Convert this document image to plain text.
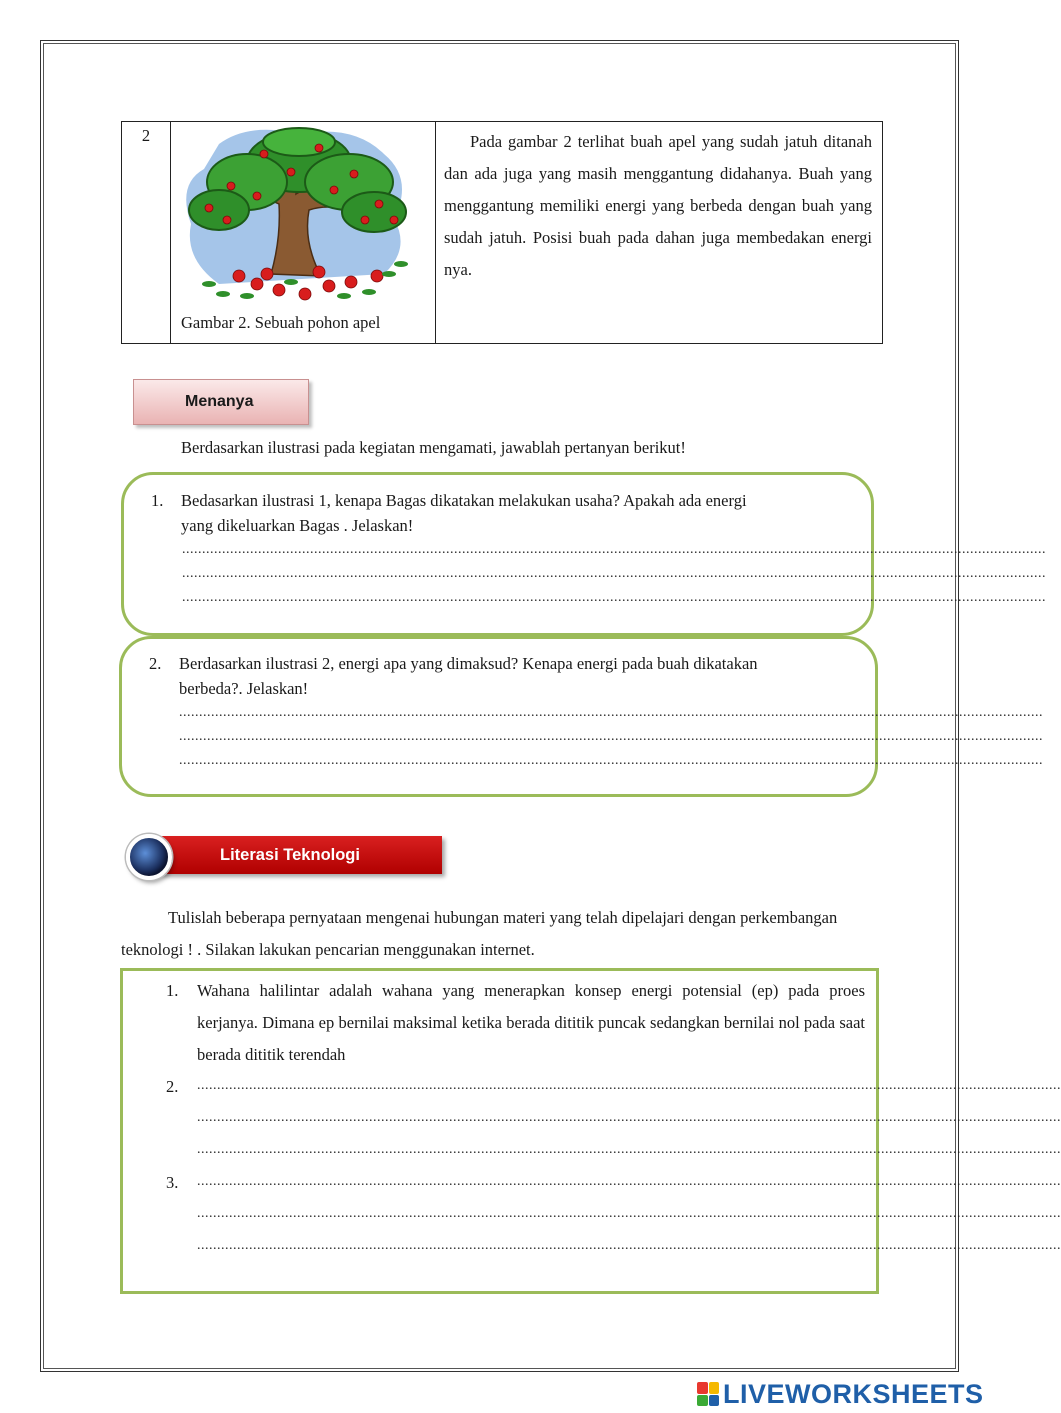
2	
Gambar 2. Sebuah pohon apel

Pada gambar 2 terlihat buah apel yang sudah jatuh ditanah dan ada juga yang masih menggantung didahanya. Buah yang menggantung memiliki energi yang berbeda dengan buah yang sudah jatuh. Posisi buah pada dahan juga membedakan energi nya.

Menanya
Berdasarkan ilustrasi pada kegiatan mengamati, jawablah pertanyan berikut!
1. Bedasarkan ilustrasi 1, kenapa Bagas dikatakan melakukan usaha? Apakah ada energi
yang dikeluarkan Bagas . Jelaskan!
........................................................................................................................................................................................................................
........................................................................................................................................................................................................................
........................................................................................................................................................................................................................
2. Berdasarkan ilustrasi 2, energi apa yang dimaksud? Kenapa energi pada buah dikatakan
berbeda?. Jelaskan!
........................................................................................................................................................................................................................
........................................................................................................................................................................................................................
........................................................................................................................................................................................................................
Literasi Teknologi

Tulislah beberapa pernyataan mengenai hubungan materi yang telah dipelajari dengan perkembangan teknologi ! . Silakan lakukan pencarian menggunakan internet.

1. Wahana halilintar adalah wahana yang menerapkan konsep energi potensial (ep) pada proes kerjanya. Dimana ep bernilai maksimal ketika berada dititik puncak sedangkan bernilai nol pada saat berada dititik terendah
2. ........................................................................................................................................................................................................................
........................................................................................................................................................................................................................
........................................................................................................................................................................................................................
3. ........................................................................................................................................................................................................................
........................................................................................................................................................................................................................
........................................................................................................................................................................................................................
LIVEWORKSHEETS
